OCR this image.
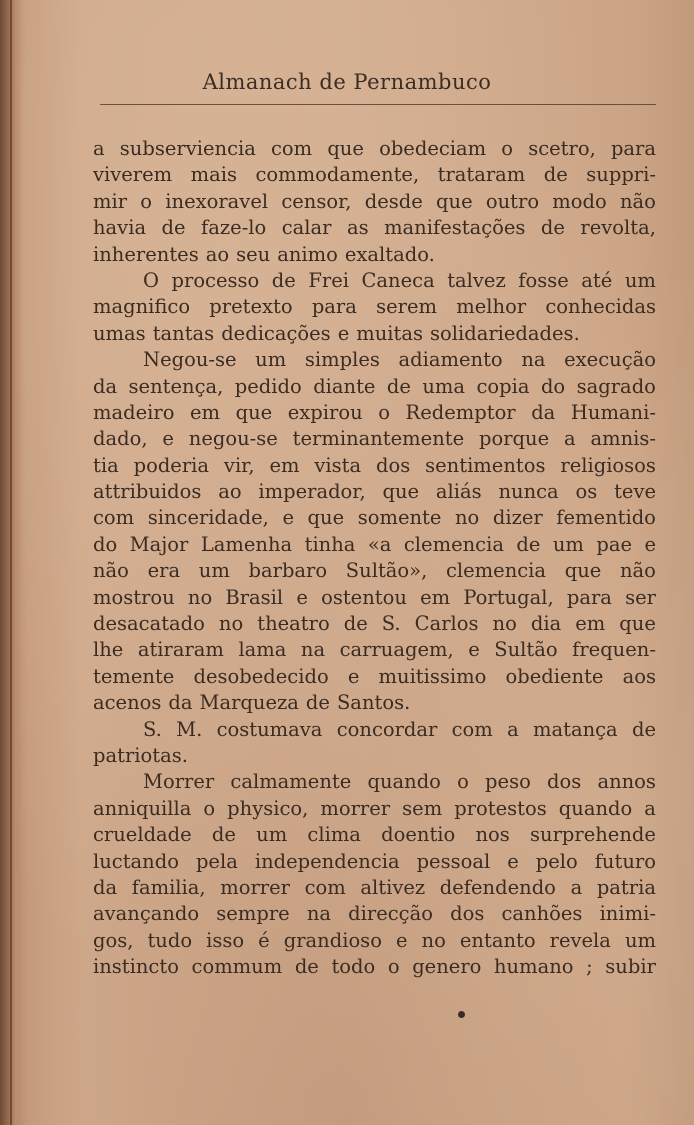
Almanach de Pernambuco
a subserviencia com que obedeciam o scetro, para
viverem mais commodamente, trataram de suppri-
mir o inexoravel censor, desde que outro modo não
havia de faze-lo calar as manifestações de revolta,
inherentes ao seu animo exaltado.
O processo de Frei Caneca talvez fosse até um
magnifico pretexto para serem melhor conhecidas
umas tantas dedicações e muitas solidariedades.
Negou-se um simples adiamento na execução
da sentença, pedido diante de uma copia do sagrado
madeiro em que expirou o Redemptor da Humani-
dado, e negou-se terminantemente porque a amnis-
tia poderia vir, em vista dos sentimentos religiosos
attribuidos ao imperador, que aliás nunca os teve
com sinceridade, e que somente no dizer fementido
do Major Lamenha tinha «a clemencia de um pae e
não era um barbaro Sultão», clemencia que não
mostrou no Brasil e ostentou em Portugal, para ser
desacatado no theatro de S. Carlos no dia em que
lhe atiraram lama na carruagem, e Sultão frequen-
temente desobedecido e muitissimo obediente aos
acenos da Marqueza de Santos.
S. M. costumava concordar com a matança de
patriotas.
Morrer calmamente quando o peso dos annos
anniquilla o physico, morrer sem protestos quando a
crueldade de um clima doentio nos surprehende
luctando pela independencia pessoal e pelo futuro
da familia, morrer com altivez defendendo a patria
avançando sempre na direcção dos canhões inimi-
gos, tudo isso é grandioso e no entanto revela um
instincto commum de todo o genero humano ; subir
